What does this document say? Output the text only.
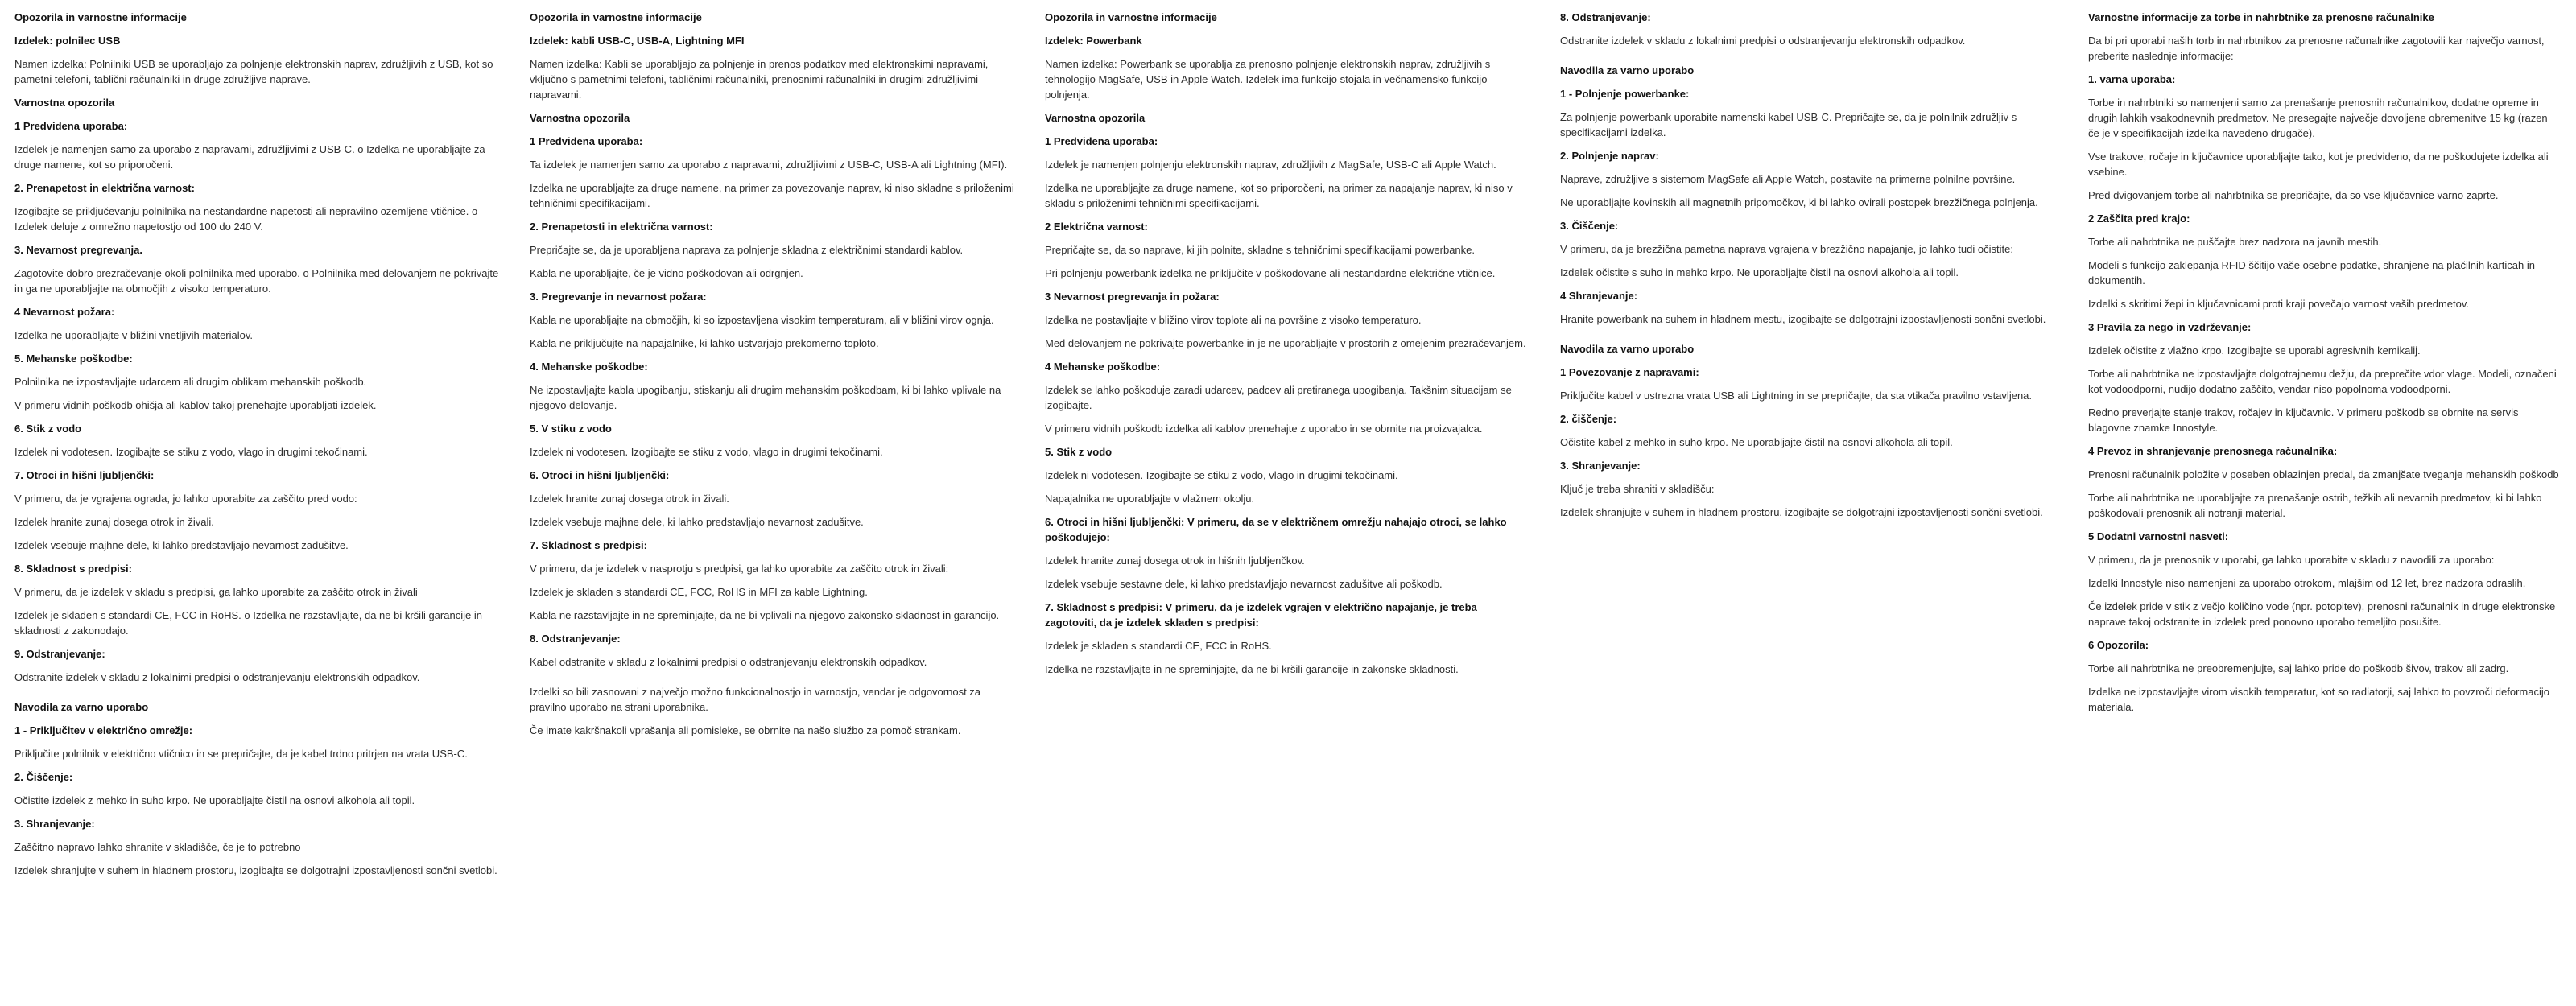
Opozorila in varnostne informacije
Izdelek: polnilec USB

Namen izdelka: Polnilniki USB se uporabljajo za polnjenje elektronskih naprav, združljivih z USB, kot so pametni telefoni, tablični računalniki in druge združljive naprave.

Varnostna opozorila
1 Predvidena uporaba:

Izdelek je namenjen samo za uporabo z napravami, združljivimi z USB-C. o Izdelka ne uporabljajte za druge namene, kot so priporočeni.

2. Prenapetost in električna varnost:

Izogibajte se priključevanju polnilnika na nestandardne napetosti ali nepravilno ozemljene vtičnice. o Izdelek deluje z omrežno napetostjo od 100 do 240 V.

3. Nevarnost pregrevanja.

Zagotovite dobro prezračevanje okoli polnilnika med uporabo. o Polnilnika med delovanjem ne pokrivajte in ga ne uporabljajte na območjih z visoko temperaturo.

4 Nevarnost požara:

Izdelka ne uporabljajte v bližini vnetljivih materialov.

5. Mehanske poškodbe:

Polnilnika ne izpostavljajte udarcem ali drugim oblikam mehanskih poškodb.

V primeru vidnih poškodb ohišja ali kablov takoj prenehajte uporabljati izdelek.

6. Stik z vodo

Izdelek ni vodotesen. Izogibajte se stiku z vodo, vlago in drugimi tekočinami.

7. Otroci in hišni ljubljenčki:

V primeru, da je vgrajena ograda, jo lahko uporabite za zaščito pred vodo:

Izdelek hranite zunaj dosega otrok in živali.

Izdelek vsebuje majhne dele, ki lahko predstavljajo nevarnost zadušitve.

8. Skladnost s predpisi:

V primeru, da je izdelek v skladu s predpisi, ga lahko uporabite za zaščito otrok in živali

Izdelek je skladen s standardi CE, FCC in RoHS. o Izdelka ne razstavljajte, da ne bi kršili garancije in skladnosti z zakonodajo.

9. Odstranjevanje:

Odstranite izdelek v skladu z lokalnimi predpisi o odstranjevanju elektronskih odpadkov.

Navodila za varno uporabo
1 - Priključitev v električno omrežje:

Priključite polnilnik v električno vtičnico in se prepričajte, da je kabel trdno pritrjen na vrata USB-C.

2. Čiščenje:

Očistite izdelek z mehko in suho krpo. Ne uporabljajte čistil na osnovi alkohola ali topil.

3. Shranjevanje:

Zaščitno napravo lahko shranite v skladišče, če je to potrebno

Izdelek shranjujte v suhem in hladnem prostoru, izogibajte se dolgotrajni izpostavljenosti sončni svetlobi.

Opozorila in varnostne informacije
Izdelek: kabli USB-C, USB-A, Lightning MFI

Namen izdelka: Kabli se uporabljajo za polnjenje in prenos podatkov med elektronskimi napravami, vključno s pametnimi telefoni, tabličnimi računalniki, prenosnimi računalniki in drugimi združljivimi napravami.

Varnostna opozorila
1 Predvidena uporaba:

Ta izdelek je namenjen samo za uporabo z napravami, združljivimi z USB-C, USB-A ali Lightning (MFI).

Izdelka ne uporabljajte za druge namene, na primer za povezovanje naprav, ki niso skladne s priloženimi tehničnimi specifikacijami.

2. Prenapetosti in električna varnost:

Prepričajte se, da je uporabljena naprava za polnjenje skladna z električnimi standardi kablov.

Kabla ne uporabljajte, če je vidno poškodovan ali odrgnjen.

3. Pregrevanje in nevarnost požara:

Kabla ne uporabljajte na območjih, ki so izpostavljena visokim temperaturam, ali v bližini virov ognja.

Kabla ne priključujte na napajalnike, ki lahko ustvarjajo prekomerno toploto.

4. Mehanske poškodbe:

Ne izpostavljajte kabla upogibanju, stiskanju ali drugim mehanskim poškodbam, ki bi lahko vplivale na njegovo delovanje.

5. V stiku z vodo

Izdelek ni vodotesen. Izogibajte se stiku z vodo, vlago in drugimi tekočinami.

6. Otroci in hišni ljubljenčki:

Izdelek hranite zunaj dosega otrok in živali.

Izdelek vsebuje majhne dele, ki lahko predstavljajo nevarnost zadušitve.

7. Skladnost s predpisi:

V primeru, da je izdelek v nasprotju s predpisi, ga lahko uporabite za zaščito otrok in živali:

Izdelek je skladen s standardi CE, FCC, RoHS in MFI za kable Lightning.

Kabla ne razstavljajte in ne spreminjajte, da ne bi vplivali na njegovo zakonsko skladnost in garancijo.

8. Odstranjevanje:

Kabel odstranite v skladu z lokalnimi predpisi o odstranjevanju elektronskih odpadkov.

Izdelki so bili zasnovani z največjo možno funkcionalnostjo in varnostjo, vendar je odgovornost za pravilno uporabo na strani uporabnika.

Če imate kakršnakoli vprašanja ali pomisleke, se obrnite na našo službo za pomoč strankam.

Opozorila in varnostne informacije
Izdelek: Powerbank

Namen izdelka: Powerbank se uporablja za prenosno polnjenje elektronskih naprav, združljivih s tehnologijo MagSafe, USB in Apple Watch. Izdelek ima funkcijo stojala in večnamensko funkcijo polnjenja.

Varnostna opozorila
1 Predvidena uporaba:

Izdelek je namenjen polnjenju elektronskih naprav, združljivih z MagSafe, USB-C ali Apple Watch.

Izdelka ne uporabljajte za druge namene, kot so priporočeni, na primer za napajanje naprav, ki niso v skladu s priloženimi tehničnimi specifikacijami.

2 Električna varnost:

Prepričajte se, da so naprave, ki jih polnite, skladne s tehničnimi specifikacijami powerbanke.

Pri polnjenju powerbank izdelka ne priključite v poškodovane ali nestandardne električne vtičnice.

3 Nevarnost pregrevanja in požara:

Izdelka ne postavljajte v bližino virov toplote ali na površine z visoko temperaturo.

Med delovanjem ne pokrivajte powerbanke in je ne uporabljajte v prostorih z omejenim prezračevanjem.

4 Mehanske poškodbe:

Izdelek se lahko poškoduje zaradi udarcev, padcev ali pretiranega upogibanja. Takšnim situacijam se izogibajte.

V primeru vidnih poškodb izdelka ali kablov prenehajte z uporabo in se obrnite na proizvajalca.

5. Stik z vodo

Izdelek ni vodotesen. Izogibajte se stiku z vodo, vlago in drugimi tekočinami.

Napajalnika ne uporabljajte v vlažnem okolju.

6. Otroci in hišni ljubljenčki: V primeru, da se v električnem omrežju nahajajo otroci, se lahko poškodujejo:

Izdelek hranite zunaj dosega otrok in hišnih ljubljenčkov.

Izdelek vsebuje sestavne dele, ki lahko predstavljajo nevarnost zadušitve ali poškodb.

7. Skladnost s predpisi: V primeru, da je izdelek vgrajen v električno napajanje, je treba zagotoviti, da je izdelek skladen s predpisi:

Izdelek je skladen s standardi CE, FCC in RoHS.

Izdelka ne razstavljajte in ne spreminjajte, da ne bi kršili garancije in zakonske skladnosti.

8. Odstranjevanje:

Odstranite izdelek v skladu z lokalnimi predpisi o odstranjevanju elektronskih odpadkov.

Navodila za varno uporabo
1 - Polnjenje powerbanke:

Za polnjenje powerbank uporabite namenski kabel USB-C. Prepričajte se, da je polnilnik združljiv s specifikacijami izdelka.

2. Polnjenje naprav:

Naprave, združljive s sistemom MagSafe ali Apple Watch, postavite na primerne polnilne površine.

Ne uporabljajte kovinskih ali magnetnih pripomočkov, ki bi lahko ovirali postopek brezžičnega polnjenja.

3. Čiščenje:

V primeru, da je brezžična pametna naprava vgrajena v brezžično napajanje, jo lahko tudi očistite:

Izdelek očistite s suho in mehko krpo. Ne uporabljajte čistil na osnovi alkohola ali topil.

4 Shranjevanje:

Hranite powerbank na suhem in hladnem mestu, izogibajte se dolgotrajni izpostavljenosti sončni svetlobi.

Navodila za varno uporabo
1 Povezovanje z napravami:

Priključite kabel v ustrezna vrata USB ali Lightning in se prepričajte, da sta vtikača pravilno vstavljena.

2. čiščenje:

Očistite kabel z mehko in suho krpo. Ne uporabljajte čistil na osnovi alkohola ali topil.

3. Shranjevanje:

Ključ je treba shraniti v skladišču:

Izdelek shranjujte v suhem in hladnem prostoru, izogibajte se dolgotrajni izpostavljenosti sončni svetlobi.

Varnostne informacije za torbe in nahrbtnike za prenosne računalnike

Da bi pri uporabi naših torb in nahrbtnikov za prenosne računalnike zagotovili kar največjo varnost, preberite naslednje informacije:

1. varna uporaba:

Torbe in nahrbtniki so namenjeni samo za prenašanje prenosnih računalnikov, dodatne opreme in drugih lahkih vsakodnevnih predmetov. Ne presegajte največje dovoljene obremenitve 15 kg (razen če je v specifikacijah izdelka navedeno drugače).

Vse trakove, ročaje in ključavnice uporabljajte tako, kot je predvideno, da ne poškodujete izdelka ali vsebine.

Pred dvigovanjem torbe ali nahrbtnika se prepričajte, da so vse ključavnice varno zaprte.

2 Zaščita pred krajo:

Torbe ali nahrbtnika ne puščajte brez nadzora na javnih mestih.

Modeli s funkcijo zaklepanja RFID ščitijo vaše osebne podatke, shranjene na plačilnih karticah in dokumentih.

Izdelki s skritimi žepi in ključavnicami proti kraji povečajo varnost vaših predmetov.

3 Pravila za nego in vzdrževanje:

Izdelek očistite z vlažno krpo. Izogibajte se uporabi agresivnih kemikalij.

Torbe ali nahrbtnika ne izpostavljajte dolgotrajnemu dežju, da preprečite vdor vlage. Modeli, označeni kot vodoodporni, nudijo dodatno zaščito, vendar niso popolnoma vodoodporni.

Redno preverjajte stanje trakov, ročajev in ključavnic. V primeru poškodb se obrnite na servis blagovne znamke Innostyle.

4 Prevoz in shranjevanje prenosnega računalnika:

Prenosni računalnik položite v poseben oblazinjen predal, da zmanjšate tveganje mehanskih poškodb

Torbe ali nahrbtnika ne uporabljajte za prenašanje ostrih, težkih ali nevarnih predmetov, ki bi lahko poškodovali prenosnik ali notranji material.

5 Dodatni varnostni nasveti:

V primeru, da je prenosnik v uporabi, ga lahko uporabite v skladu z navodili za uporabo:

Izdelki Innostyle niso namenjeni za uporabo otrokom, mlajšim od 12 let, brez nadzora odraslih.

Če izdelek pride v stik z večjo količino vode (npr. potopitev), prenosni računalnik in druge elektronske naprave takoj odstranite in izdelek pred ponovno uporabo temeljito posušite.

6 Opozorila:

Torbe ali nahrbtnika ne preobremenjujte, saj lahko pride do poškodb šivov, trakov ali zadrg.

Izdelka ne izpostavljajte virom visokih temperatur, kot so radiatorji, saj lahko to povzroči deformacijo materiala.
